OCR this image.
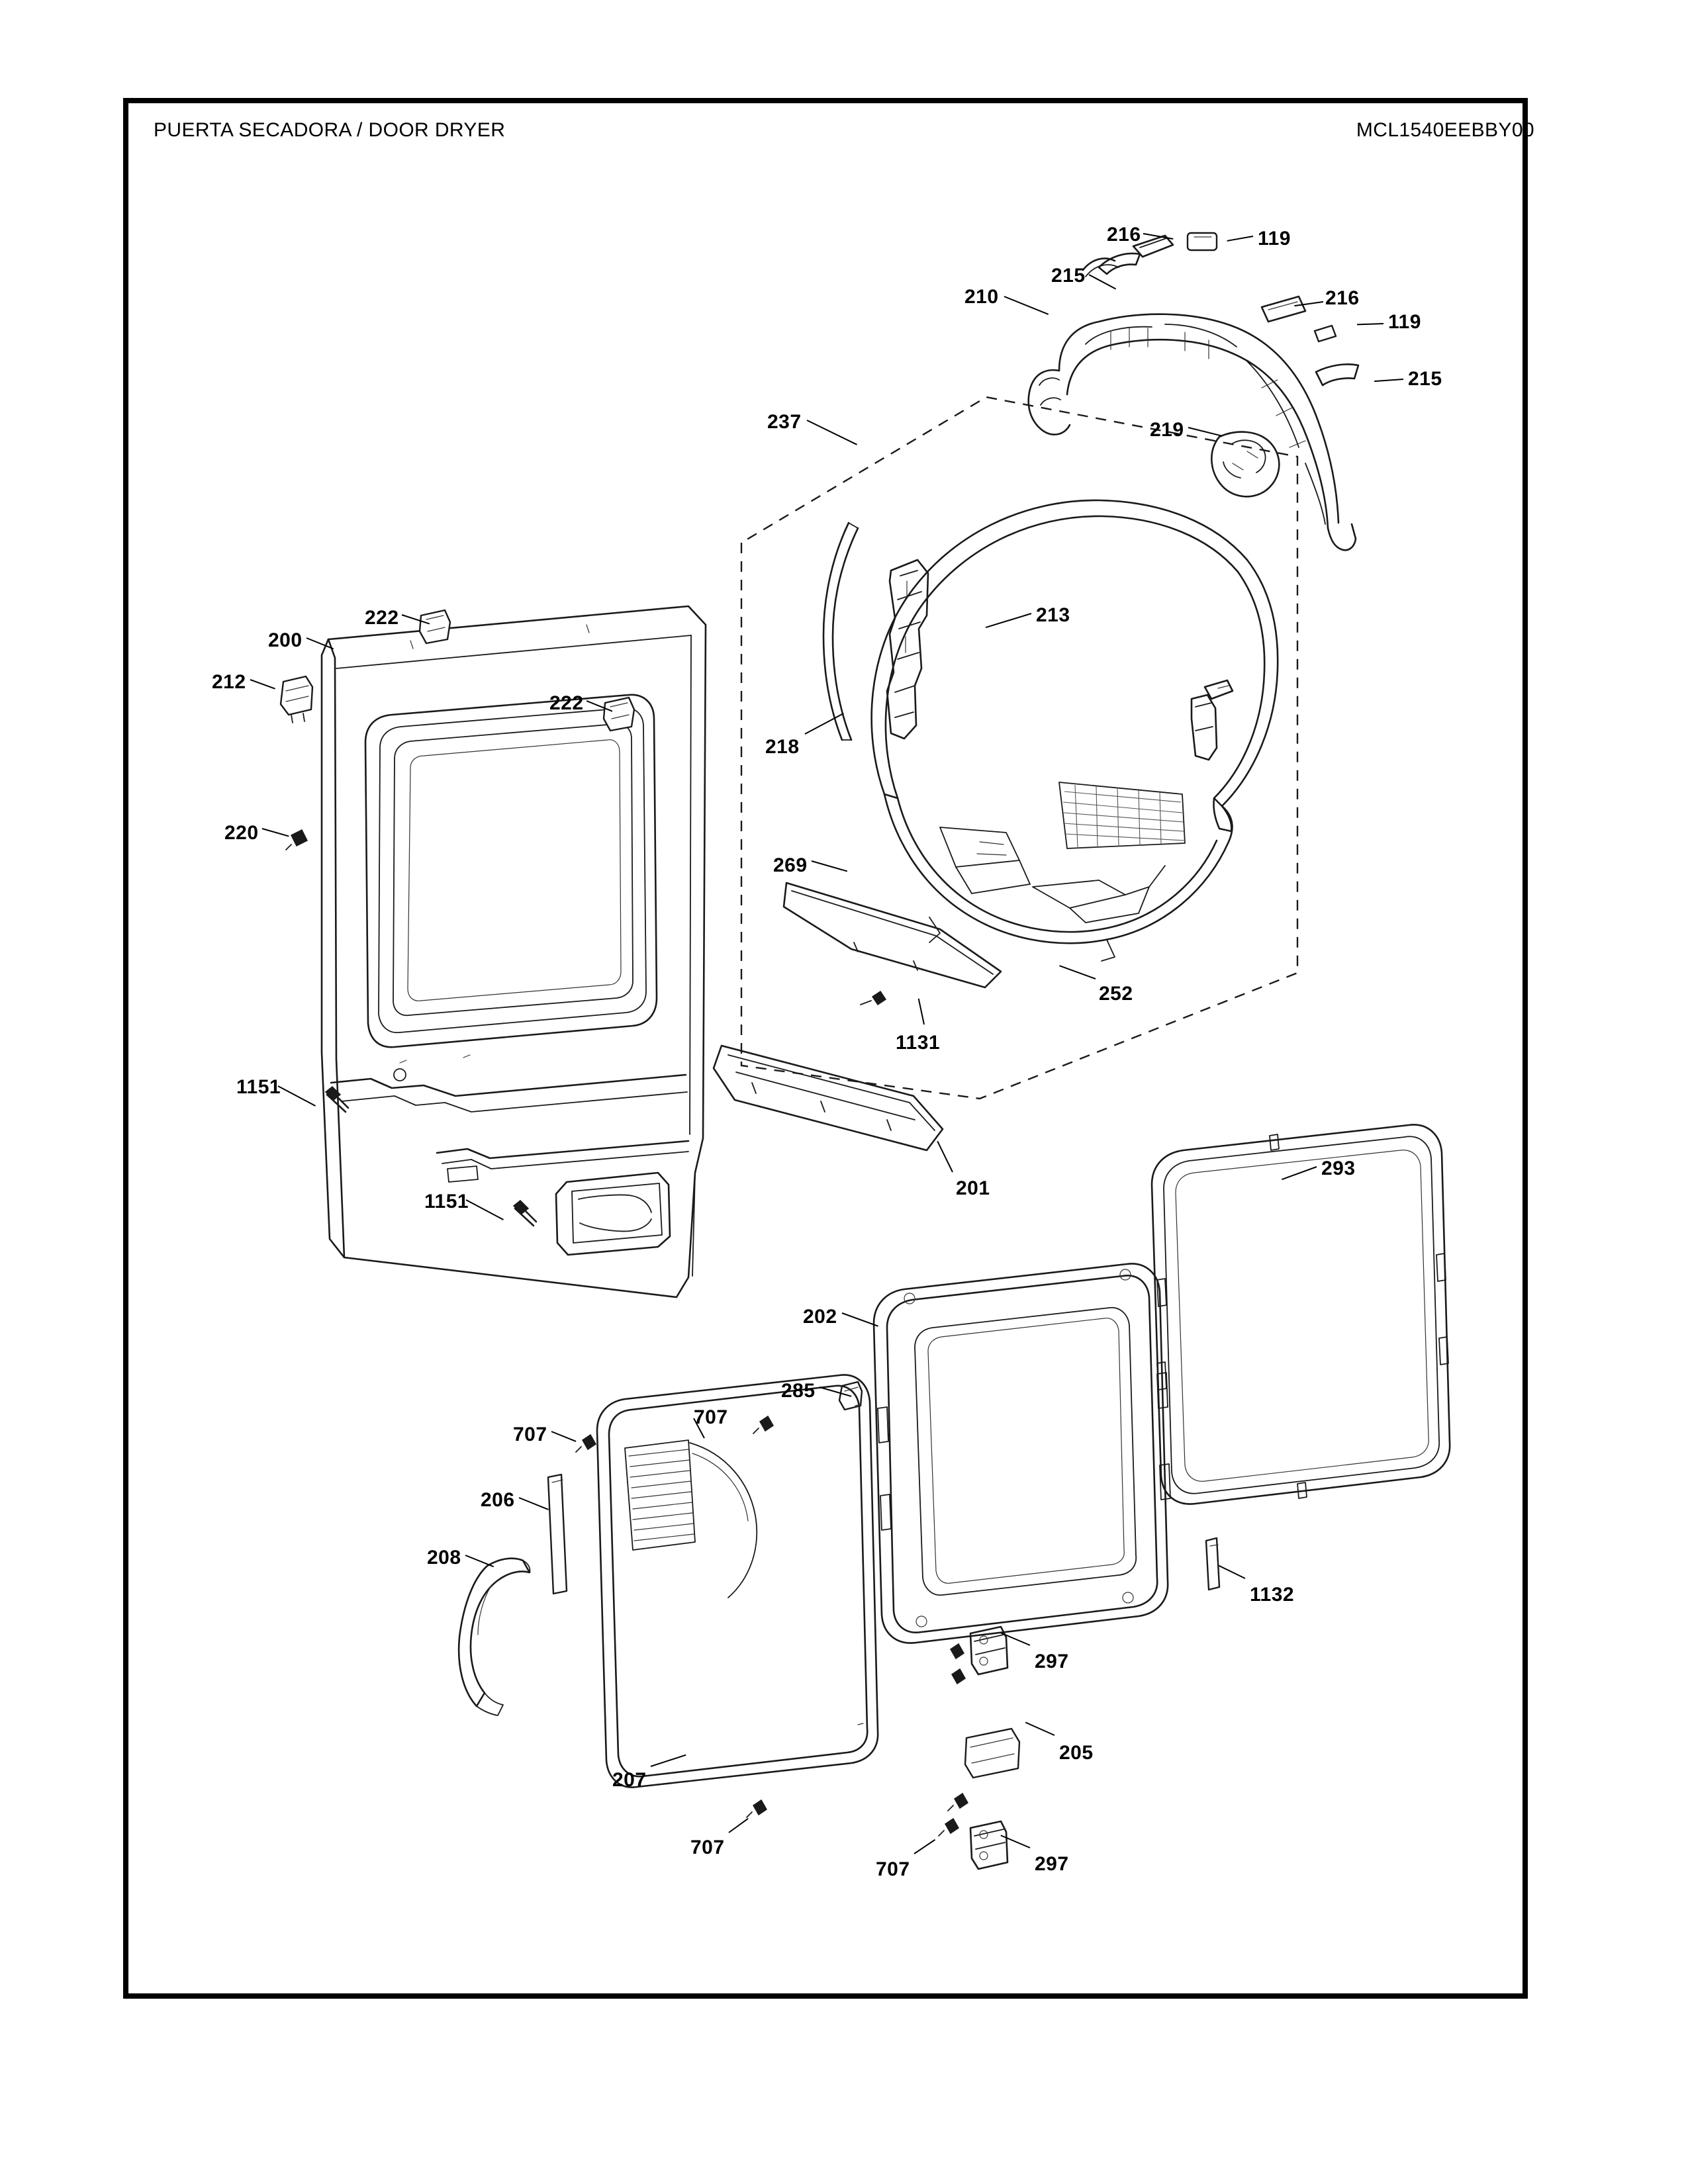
PUERTA SECADORA / DOOR DRYER	MCL1540EEBBY00
216	119
215
216
210
119
215
237	219
213
222
200
212
222
218
220
269
252
1131
1151
293
201
1151
202
285
707
707
206
208
1132
297
205
207
707
707	297
